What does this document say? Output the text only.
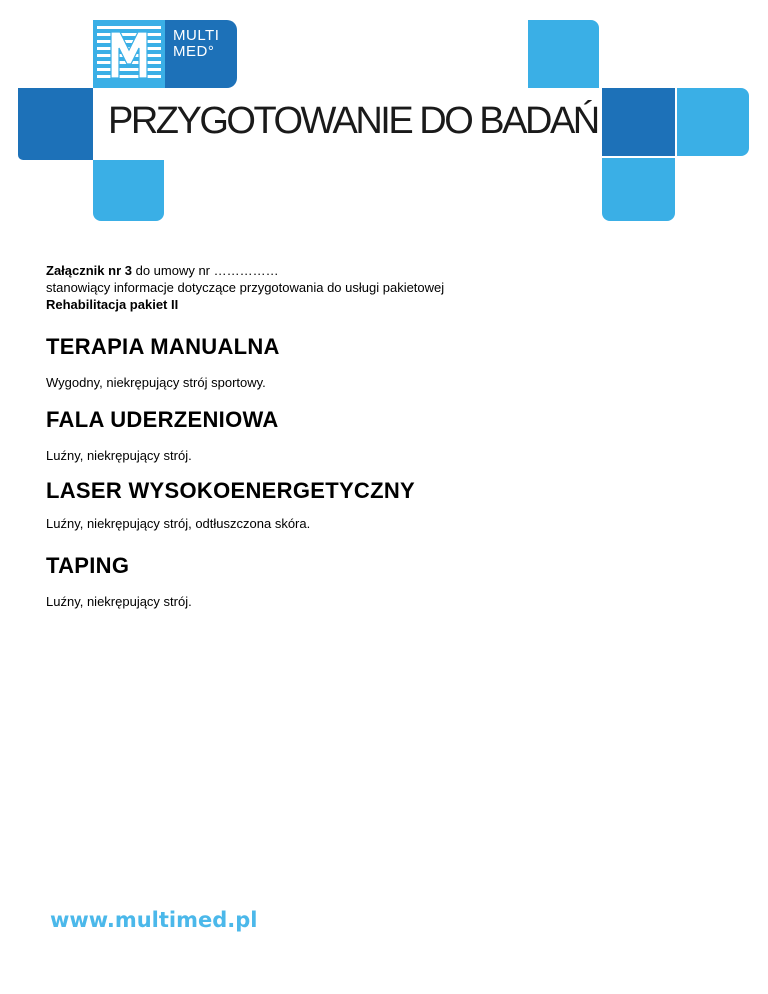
MULTI
MED°
PRZYGOTOWANIE DO BADAŃ
Załącznik nr 3 do umowy nr ……………
stanowiący informacje dotyczące przygotowania do usługi pakietowej
Rehabilitacja pakiet II
TERAPIA MANUALNA

Wygodny, niekrępujący strój sportowy.

FALA UDERZENIOWA

Luźny, niekrępujący strój.

LASER WYSOKOENERGETYCZNY

Luźny, niekrępujący strój, odtłuszczona skóra.

TAPING

Luźny, niekrępujący strój.

www.multimed.pl
